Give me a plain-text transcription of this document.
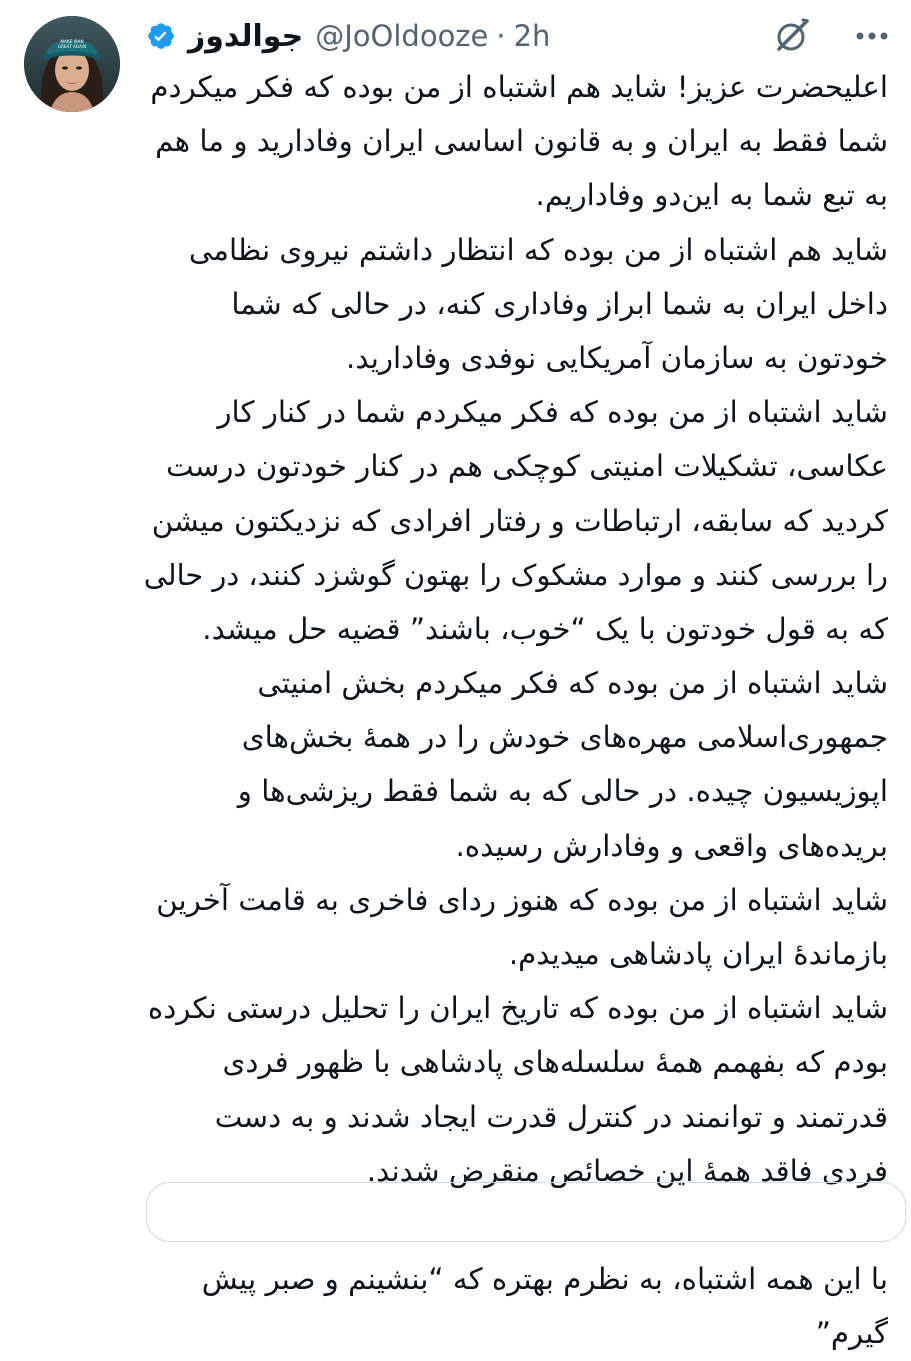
MAKE IRAN
GREAT AGAIN	جوالدوز @JoOldooze · 2h
اعلیحضرت عزیز! شاید هم اشتباه از من بوده که فکر میکردم
شما فقط به ایران و به قانون اساسی ایران وفادارید و ما هم
به تبع شما به این‌دو وفاداریم.
شاید هم اشتباه از من بوده که انتظار داشتم نیروی نظامی
داخل ایران به شما ابراز وفاداری کنه، در حالی که شما
خودتون به سازمان آمریکایی نوفدی وفادارید.
شاید اشتباه از من بوده که فکر میکردم شما در کنار کار
عکاسی، تشکیلات امنیتی کوچکی هم در کنار خودتون درست
کردید که سابقه، ارتباطات و رفتار افرادی که نزدیکتون میشن
را بررسی کنند و موارد مشکوک را بهتون گوشزد کنند، در حالی
که به قول خودتون با یک “خوب، باشند” قضیه حل میشد.
شاید اشتباه از من بوده که فکر میکردم بخش امنیتی
جمهوری‌اسلامی مهره‌های خودش را در همهٔ بخش‌های
اپوزیسیون چیده. در حالی که به شما فقط ریزشی‌ها و
بریده‌های واقعی و وفادارش رسیده.
شاید اشتباه از من بوده که هنوز ردای فاخری به قامت آخرین
بازماندهٔ ایران پادشاهی میدیدم.
شاید اشتباه از من بوده که تاریخ ایران را تحلیل درستی نکرده
بودم که بفهمم همهٔ سلسله‌های پادشاهی با ظهور فردی
قدرتمند و توانمند در کنترل قدرت ایجاد شدند و به دست
فردی فاقد همهٔ این خصائص منقرض شدند.
با این همه اشتباه، به نظرم بهتره که “بنشینم و صبر پیش
گیرم”
